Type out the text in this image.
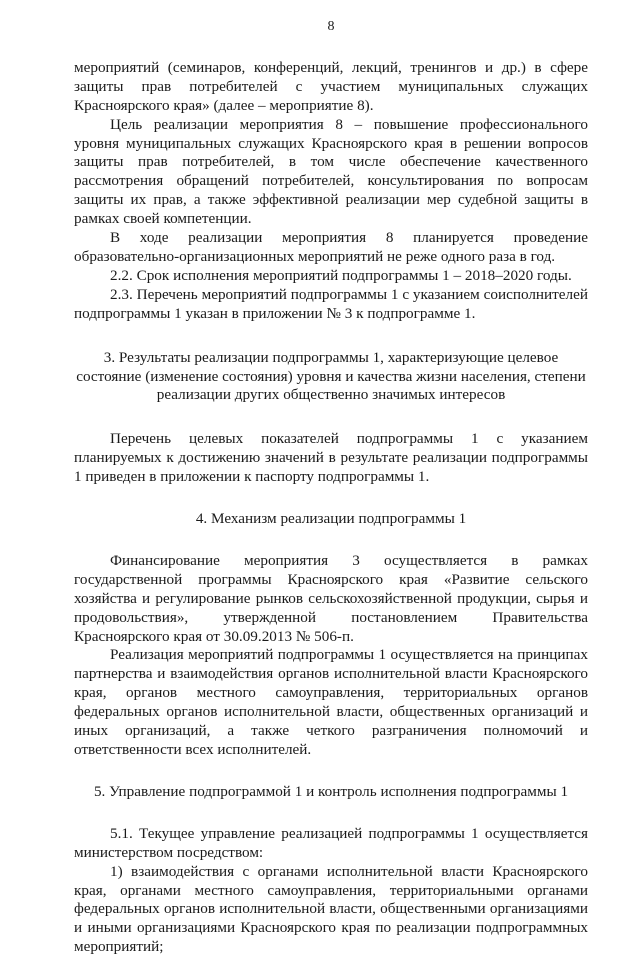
8

мероприятий (семинаров, конференций, лекций, тренингов и др.) в сфере защиты прав потребителей с участием муниципальных служащих Красноярского края» (далее – мероприятие 8).

Цель реализации мероприятия 8 – повышение профессионального уровня муниципальных служащих Красноярского края в решении вопросов защиты прав потребителей, в том числе обеспечение качественного рассмотрения обращений потребителей, консультирования по вопросам защиты их прав, а также эффективной реализации мер судебной защиты в рамках своей компетенции.

В ходе реализации мероприятия 8 планируется проведение образовательно-организационных мероприятий не реже одного раза в год.

2.2. Срок исполнения мероприятий подпрограммы 1 – 2018–2020 годы.

2.3. Перечень мероприятий подпрограммы 1 с указанием соисполнителей подпрограммы 1 указан в приложении № 3 к подпрограмме 1.

3. Результаты реализации подпрограммы 1, характеризующие целевое состояние (изменение состояния) уровня и качества жизни населения, степени реализации других общественно значимых интересов

Перечень целевых показателей подпрограммы 1 с указанием планируемых к достижению значений в результате реализации подпрограммы 1 приведен в приложении к паспорту подпрограммы 1.

4. Механизм реализации подпрограммы 1

Финансирование мероприятия 3 осуществляется в рамках государственной программы Красноярского края «Развитие сельского хозяйства и регулирование рынков сельскохозяйственной продукции, сырья и продовольствия», утвержденной постановлением Правительства Красноярского края от 30.09.2013 № 506-п.

Реализация мероприятий подпрограммы 1 осуществляется на принципах партнерства и взаимодействия органов исполнительной власти Красноярского края, органов местного самоуправления, территориальных органов федеральных органов исполнительной власти, общественных организаций и иных организаций, а также четкого разграничения полномочий и ответственности всех исполнителей.

5. Управление подпрограммой 1 и контроль исполнения подпрограммы 1

5.1. Текущее управление реализацией подпрограммы 1 осуществляется министерством посредством:

1) взаимодействия с органами исполнительной власти Красноярского края, органами местного самоуправления, территориальными органами федеральных органов исполнительной власти, общественными организациями и иными организациями Красноярского края по реализации подпрограммных мероприятий;
